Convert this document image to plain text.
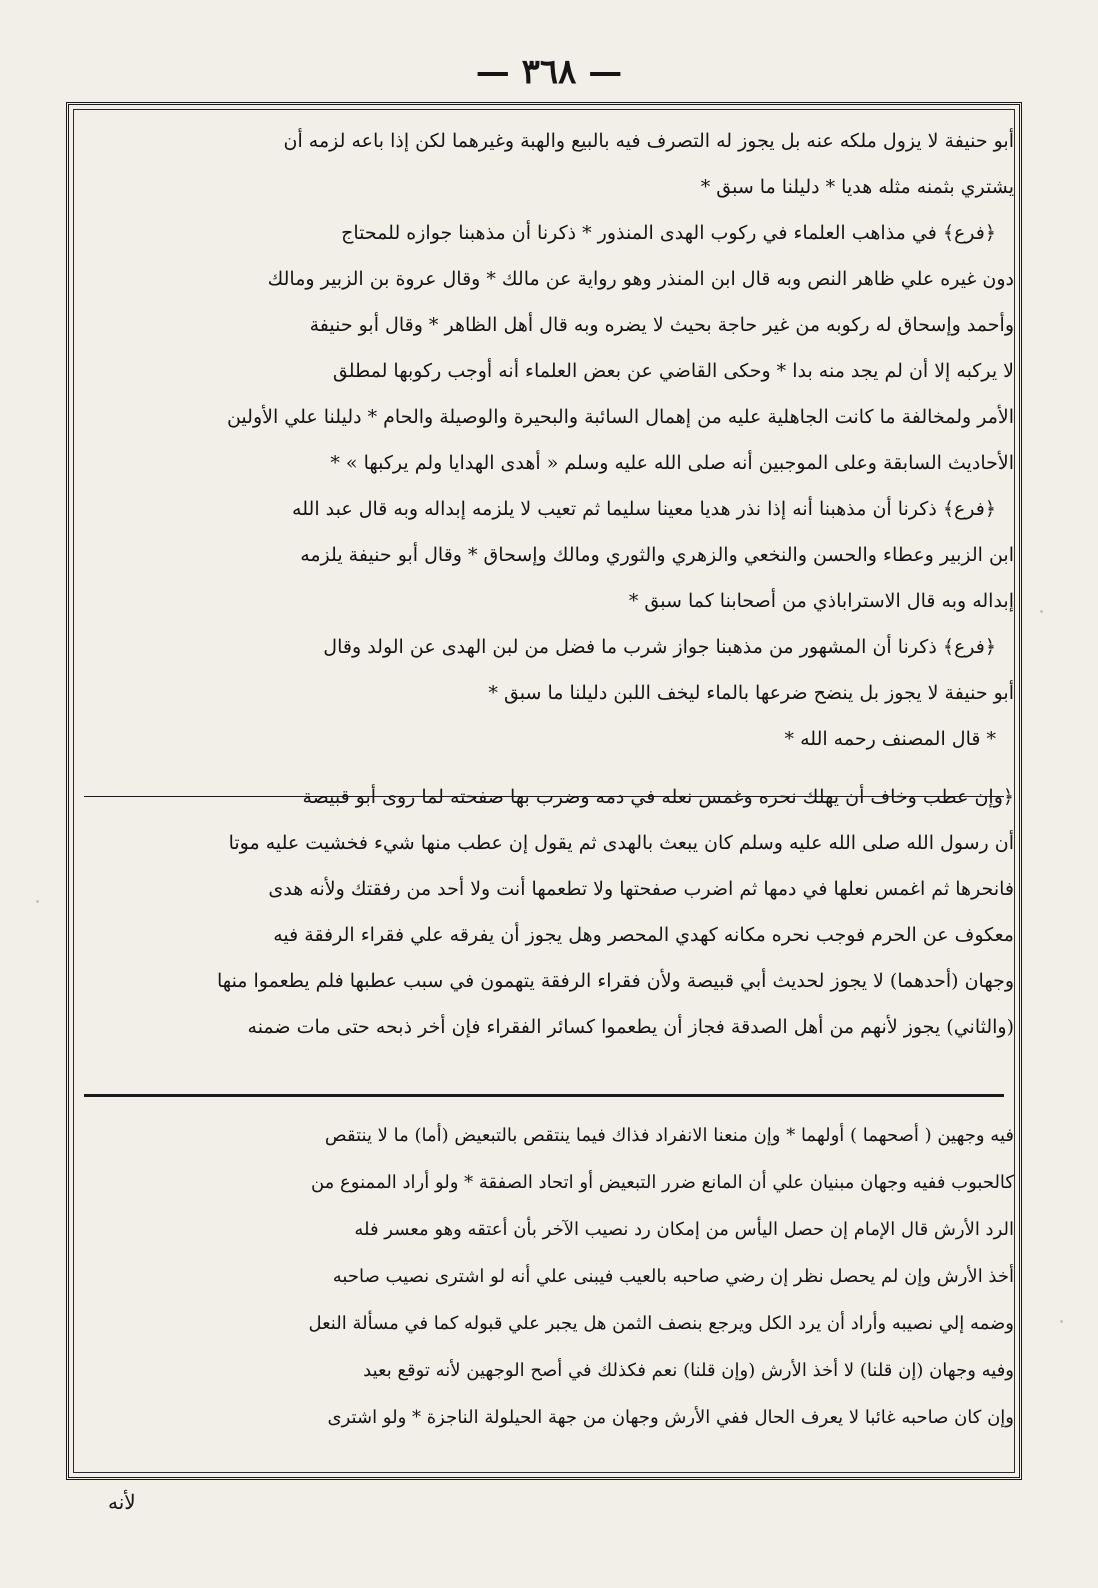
— ٣٦٨ —
أبو حنيفة لا يزول ملكه عنه بل يجوز له التصرف فيه بالبيع والهبة وغيرهما لكن إذا باعه لزمه أن
يشتري بثمنه مثله هديا * دليلنا ما سبق *
﴿فرع﴾ في مذاهب العلماء في ركوب الهدى المنذور * ذكرنا أن مذهبنا جوازه للمحتاج
دون غيره علي ظاهر النص وبه قال ابن المنذر وهو رواية عن مالك * وقال عروة بن الزبير ومالك
وأحمد وإسحاق له ركوبه من غير حاجة بحيث لا يضره وبه قال أهل الظاهر * وقال أبو حنيفة
لا يركبه إلا أن لم يجد منه بدا * وحكى القاضي عن بعض العلماء أنه أوجب ركوبها لمطلق
الأمر ولمخالفة ما كانت الجاهلية عليه من إهمال السائبة والبحيرة والوصيلة والحام * دليلنا علي الأولين
الأحاديث السابقة وعلى الموجبين أنه صلى الله عليه وسلم « أهدى الهدايا ولم يركبها » *
﴿فرع﴾ ذكرنا أن مذهبنا أنه إذا نذر هديا معينا سليما ثم تعيب لا يلزمه إبداله وبه قال عبد الله
ابن الزبير وعطاء والحسن والنخعي والزهري والثوري ومالك وإسحاق * وقال أبو حنيفة يلزمه
إبداله وبه قال الاستراباذي من أصحابنا كما سبق *
﴿فرع﴾ ذكرنا أن المشهور من مذهبنا جواز شرب ما فضل من لبن الهدى عن الولد وقال
أبو حنيفة لا يجوز بل ينضح ضرعها بالماء ليخف اللبن دليلنا ما سبق *
* قال المصنف رحمه الله *
﴿وإن عطب وخاف أن يهلك نحره وغمس نعله في دمه وضرب بها صفحته لما روى أبو قبيصة
أن رسول الله صلى الله عليه وسلم كان يبعث بالهدى ثم يقول إن عطب منها شيء فخشيت عليه موتا
فانحرها ثم اغمس نعلها في دمها ثم اضرب صفحتها ولا تطعمها أنت ولا أحد من رفقتك ولأنه هدى
معكوف عن الحرم فوجب نحره مكانه كهدي المحصر وهل يجوز أن يفرقه علي فقراء الرفقة فيه
وجهان (أحدهما) لا يجوز لحديث أبي قبيصة ولأن فقراء الرفقة يتهمون في سبب عطبها فلم يطعموا منها
(والثاني) يجوز لأنهم من أهل الصدقة فجاز أن يطعموا كسائر الفقراء فإن أخر ذبحه حتى مات ضمنه
فيه وجهين ( أصحهما ) أولهما * وإن منعنا الانفراد فذاك فيما ينتقص بالتبعيض (أما) ما لا ينتقص
كالحبوب ففيه وجهان مبنيان علي أن المانع ضرر التبعيض أو اتحاد الصفقة * ولو أراد الممنوع من
الرد الأرش قال الإمام إن حصل اليأس من إمكان رد نصيب الآخر بأن أعتقه وهو معسر فله
أخذ الأرش وإن لم يحصل نظر إن رضي صاحبه بالعيب فيبنى علي أنه لو اشترى نصيب صاحبه
وضمه إلي نصيبه وأراد أن يرد الكل ويرجع بنصف الثمن هل يجبر علي قبوله كما في مسألة النعل
وفيه وجهان (إن قلنا) لا أخذ الأرش (وإن قلنا) نعم فكذلك في أصح الوجهين لأنه توقع بعيد
وإن كان صاحبه غائبا لا يعرف الحال ففي الأرش وجهان من جهة الحيلولة الناجزة * ولو اشترى
لأنه
